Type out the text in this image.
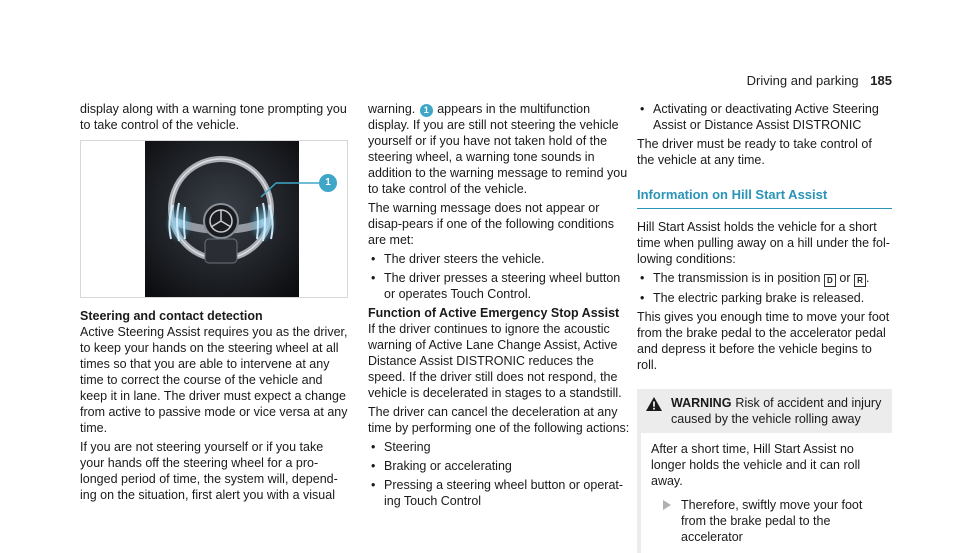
Driving and parking 185

display along with a warning tone prompting you to take control of the vehicle.

1
Steering and contact detection

Active Steering Assist requires you as the driver, to keep your hands on the steering wheel at all times so that you are able to intervene at any time to correct the course of the vehicle and keep it in lane. The driver must expect a change from active to passive mode or vice versa at any time.

If you are not steering yourself or if you take your hands off the steering wheel for a pro-longed period of time, the system will, depend-ing on the situation, first alert you with a visual

warning. 1 appears in the multifunction display. If you are still not steering the vehicle yourself or if you have not taken hold of the steering wheel, a warning tone sounds in addition to the warning message to remind you to take control of the vehicle.

The warning message does not appear or disap-pears if one of the following conditions are met:

• The driver steers the vehicle.
• The driver presses a steering wheel button or operates Touch Control.
Function of Active Emergency Stop Assist

If the driver continues to ignore the acoustic warning of Active Lane Change Assist, Active Distance Assist DISTRONIC reduces the speed. If the driver still does not respond, the vehicle is decelerated in stages to a standstill.

The driver can cancel the deceleration at any time by performing one of the following actions:

• Steering
• Braking or accelerating
• Pressing a steering wheel button or operat-ing Touch Control
• Activating or deactivating Active Steering Assist or Distance Assist DISTRONIC

The driver must be ready to take control of the vehicle at any time.

Information on Hill Start Assist

Hill Start Assist holds the vehicle for a short time when pulling away on a hill under the fol-lowing conditions:

• The transmission is in position D or R .
• The electric parking brake is released.

This gives you enough time to move your foot from the brake pedal to the accelerator pedal and depress it before the vehicle begins to roll.

WARNING Risk of accident and injury caused by the vehicle rolling away

After a short time, Hill Start Assist no longer holds the vehicle and it can roll away.

Therefore, swiftly move your foot from the brake pedal to the accelerator
